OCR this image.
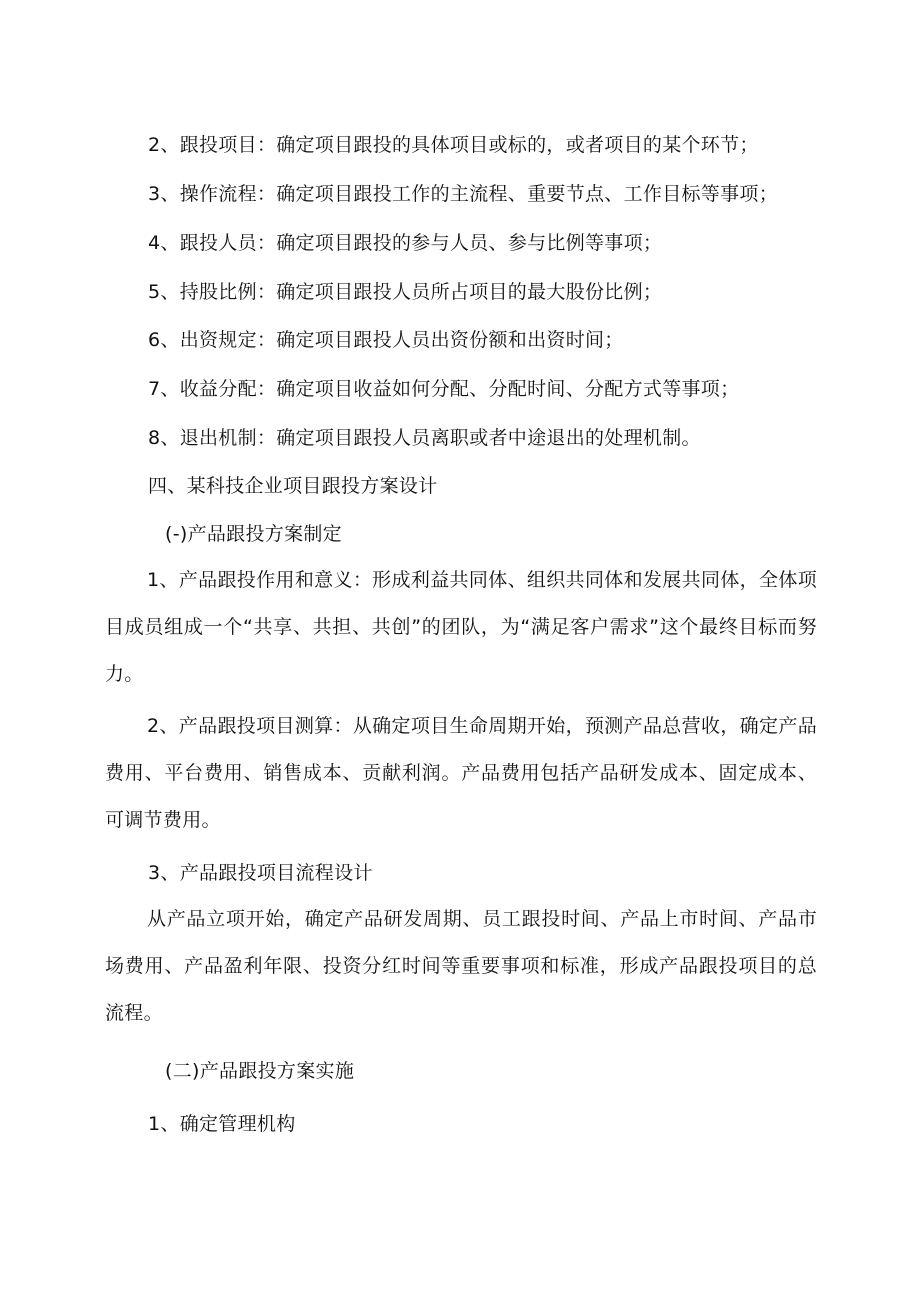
2、跟投项目：确定项目跟投的具体项目或标的，或者项目的某个环节；
3、操作流程：确定项目跟投工作的主流程、重要节点、工作目标等事项；
4、跟投人员：确定项目跟投的参与人员、参与比例等事项；
5、持股比例：确定项目跟投人员所占项目的最大股份比例；
6、出资规定：确定项目跟投人员出资份额和出资时间；
7、收益分配：确定项目收益如何分配、分配时间、分配方式等事项；
8、退出机制：确定项目跟投人员离职或者中途退出的处理机制。
四、某科技企业项目跟投方案设计
(-)产品跟投方案制定
1、产品跟投作用和意义：形成利益共同体、组织共同体和发展共同体，全体项目成员组成一个“共享、共担、共创”的团队，为“满足客户需求”这个最终目标而努力。
2、产品跟投项目测算：从确定项目生命周期开始，预测产品总营收，确定产品费用、平台费用、销售成本、贡献利润。产品费用包括产品研发成本、固定成本、可调节费用。
3、产品跟投项目流程设计
从产品立项开始，确定产品研发周期、员工跟投时间、产品上市时间、产品市场费用、产品盈利年限、投资分红时间等重要事项和标准，形成产品跟投项目的总流程。
(二)产品跟投方案实施
1、确定管理机构
